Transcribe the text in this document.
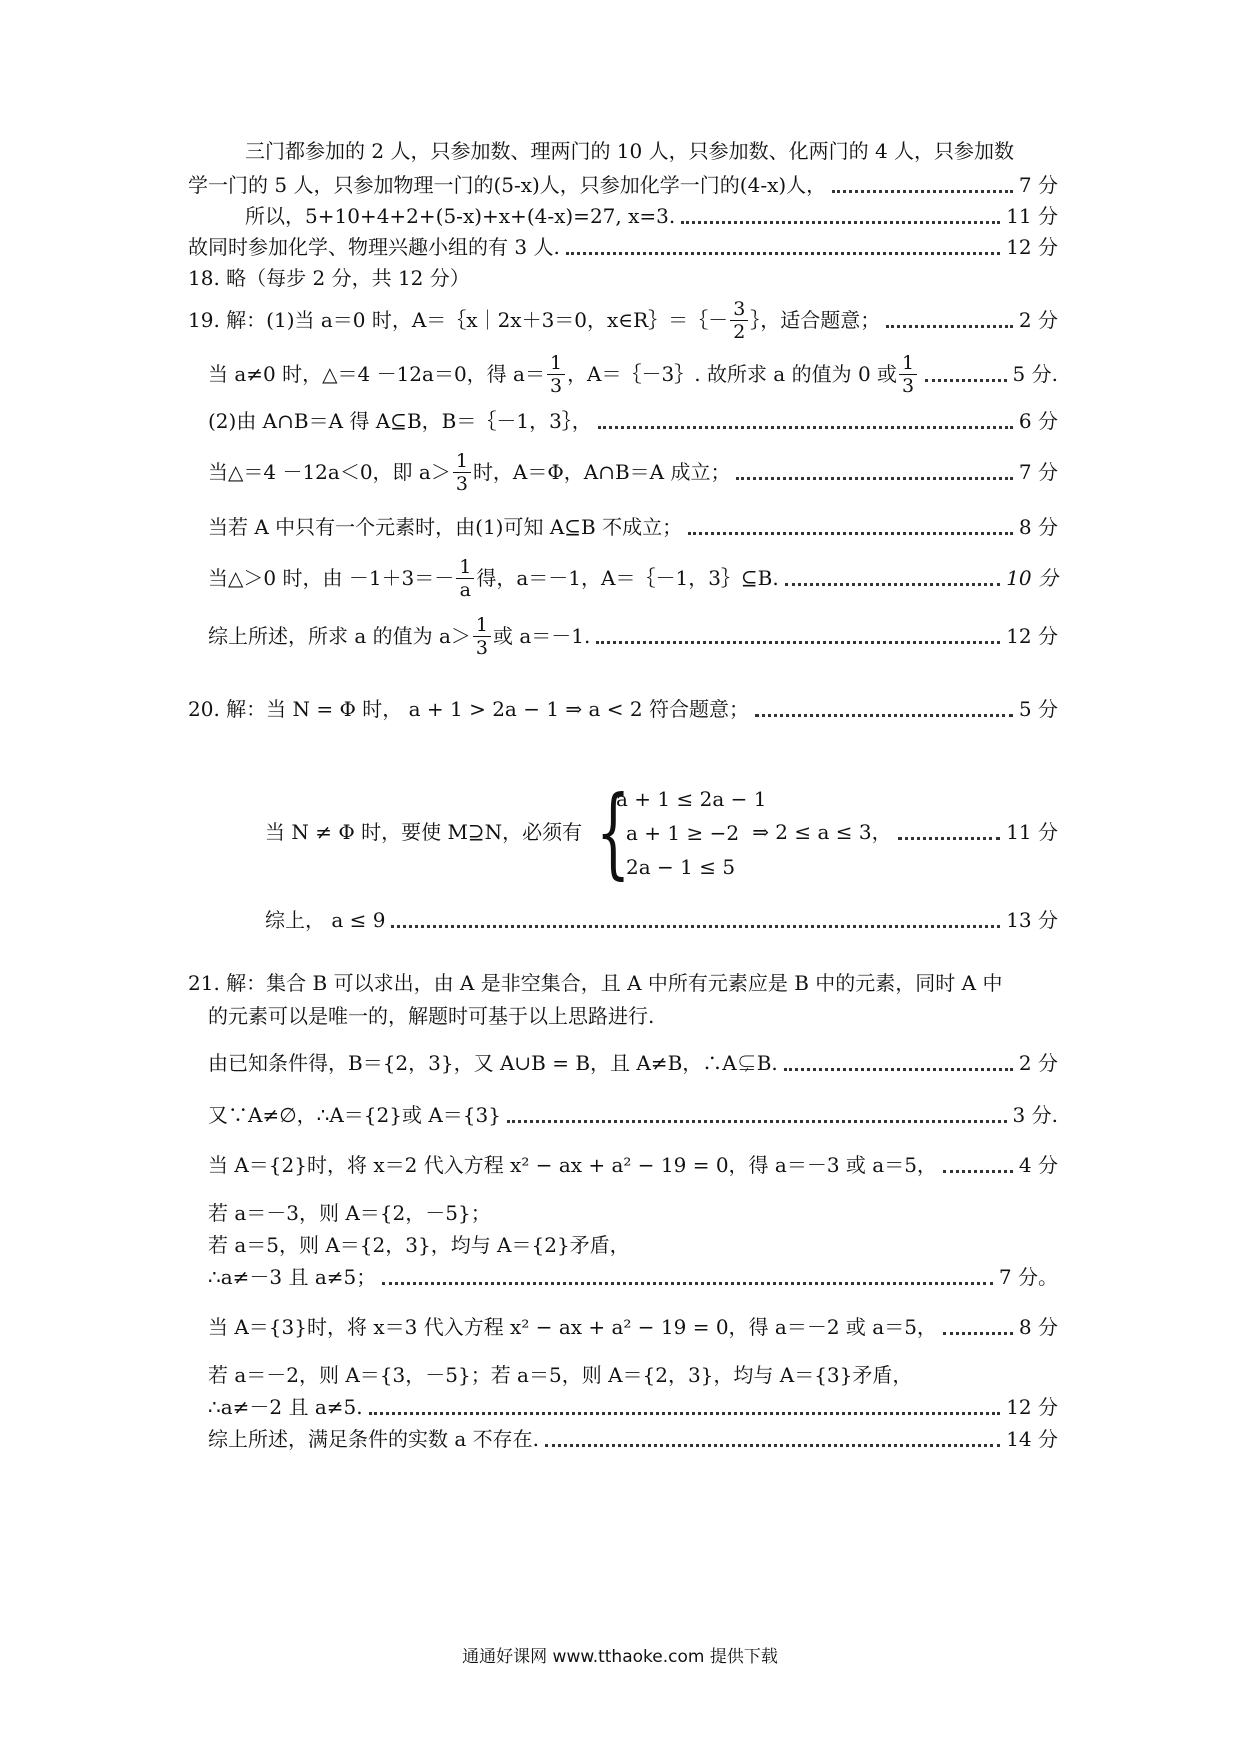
三门都参加的 2 人，只参加数、理两门的 10 人，只参加数、化两门的 4 人，只参加数
学一门的 5 人，只参加物理一门的(5-x)人，只参加化学一门的(4-x)人，	7 分
所以，5+10+4+2+(5-x)+x+(4-x)=27, x=3.	11 分
故同时参加化学、物理兴趣小组的有 3 人.	12 分
18. 略（每步 2 分，共 12 分）
19. 解：(1)当 a＝0 时，A＝｛x｜2x＋3＝0，x∈R｝＝｛－ $\frac{3}{2}$ ｝，适合题意；	2 分
当 a≠0 时，△＝4 －12a＝0，得 $a= \frac{1}{3}$ ，A＝｛－3｝. 故所求 a 的值为 0 或 $\frac{1}{3}$	5 分.
(2)由 A∩B＝A 得 A⊆B，B＝｛－1，3｝，	6 分
当△＝4 －12a＜0，即 $a> \frac{1}{3}$ 时，A＝Φ，A∩B＝A 成立；	7 分
当若 A 中只有一个元素时，由(1)可知 A⊆B 不成立；	8 分
当△＞0 时，由 $-1+3=- \frac{1}{a}$ 得，a＝－1，A＝｛－1，3｝⊆B.	10 分
综上所述，所求 a 的值为 $a> \frac{1}{3}$ 或 a＝－1.	12 分
20. 解：当 N = Φ 时， a + 1 > 2a − 1 ⇒ a < 2 符合题意；	5 分
当 N ≠ Φ 时，要使 M⊇N，必须有	⇒ 2 ≤ a ≤ 3，	11 分
{
a + 1 ≤ 2a − 1
a + 1 ≥ −2
2a − 1 ≤ 5
综上， a ≤ 9	13 分
21. 解：集合 B 可以求出，由 A 是非空集合，且 A 中所有元素应是 B 中的元素，同时 A 中
的元素可以是唯一的，解题时可基于以上思路进行.
由已知条件得，B＝{2，3}，又 A∪B = B，且 A≠B，∴A⊊B.	2 分
又∵A≠∅，∴A＝{2}或 A＝{3}	3 分.
当 A＝{2}时，将 x＝2 代入方程 x² − ax + a² − 19 = 0，得 a＝－3 或 a＝5，	4 分
若 a＝－3，则 A＝{2，－5}；
若 a＝5，则 A＝{2，3}，均与 A＝{2}矛盾，
∴a≠－3 且 a≠5；	7 分。
当 A＝{3}时，将 x＝3 代入方程 x² − ax + a² − 19 = 0，得 a＝－2 或 a＝5，	8 分
若 a＝－2，则 A＝{3，－5}；若 a＝5，则 A＝{2，3}，均与 A＝{3}矛盾，
∴a≠－2 且 a≠5.	12 分
综上所述，满足条件的实数 a 不存在.	14 分
通通好课网 www.tthaoke.com 提供下载
